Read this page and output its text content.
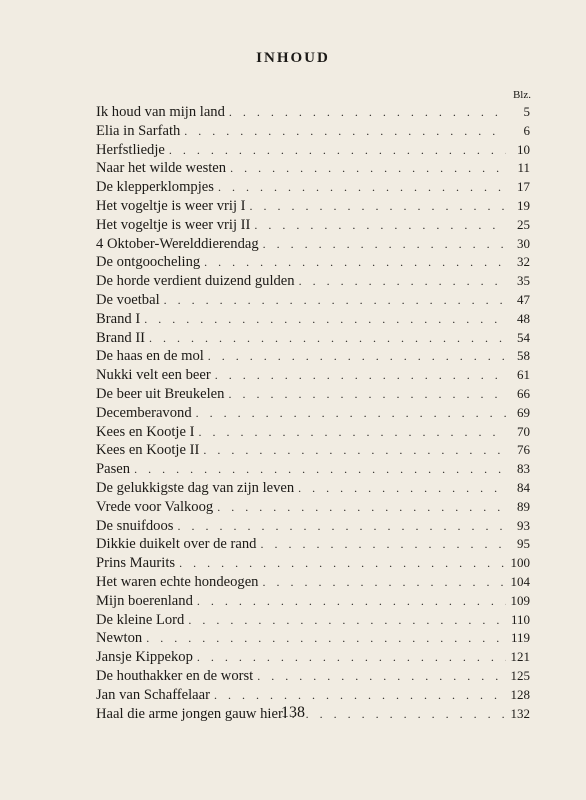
INHOUD
Blz.
Ik houd van mijn land . . .	5
Elia in Sarfath . . .	6
Herfstliedje . . .	10
Naar het wilde westen . . .	11
De klepperklompjes . . .	17
Het vogeltje is weer vrij I . . .	19
Het vogeltje is weer vrij II . . .	25
4 Oktober-Werelddierendag . . .	30
De ontgoocheling . . .	32
De horde verdient duizend gulden . . .	35
De voetbal . . .	47
Brand I . . .	48
Brand II . . .	54
De haas en de mol . . .	58
Nukki velt een beer . . .	61
De beer uit Breukelen . . .	66
Decemberavond . . .	69
Kees en Kootje I . . .	70
Kees en Kootje II . . .	76
Pasen . . .	83
De gelukkigste dag van zijn leven . . .	84
Vrede voor Valkoog . . .	89
De snuifdoos . . .	93
Dikkie duikelt over de rand . . .	95
Prins Maurits . . .	100
Het waren echte hondeogen . . .	104
Mijn boerenland . . .	109
De kleine Lord . . .	110
Newton . . .	119
Jansje Kippekop . . .	121
De houthakker en de worst . . .	125
Jan van Schaffelaar . . .	128
Haal die arme jongen gauw hier! . . .	132
138
